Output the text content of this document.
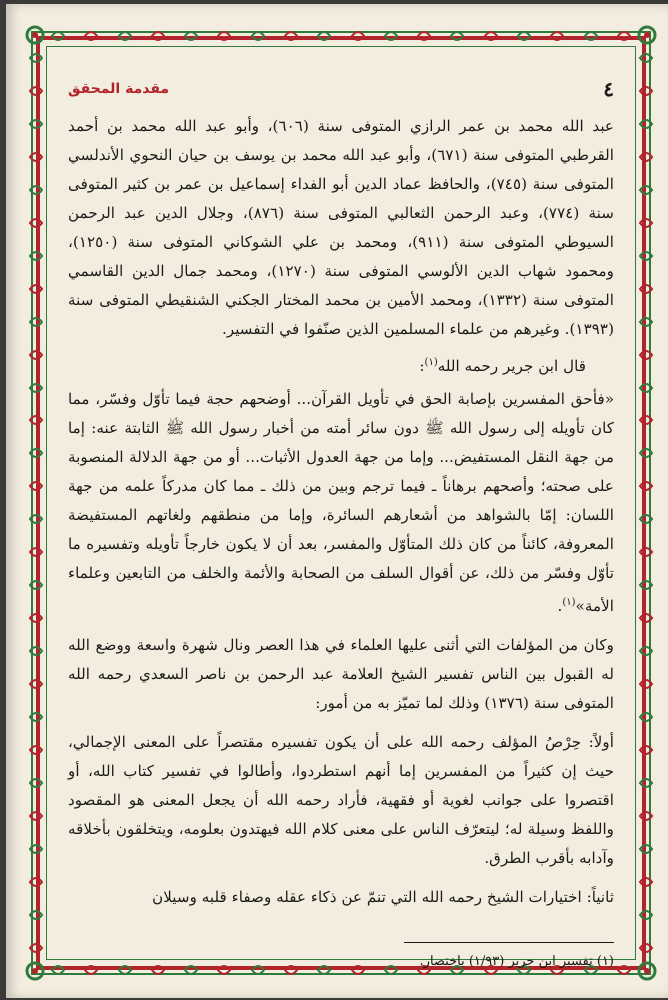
٤
مقدمة المحقق

عبد الله محمد بن عمر الرازي المتوفى سنة (٦٠٦)، وأبو عبد الله محمد بن أحمد القرطبي المتوفى سنة (٦٧١)، وأبو عبد الله محمد بن يوسف بن حيان النحوي الأندلسي المتوفى سنة (٧٤٥)، والحافظ عماد الدين أبو الفداء إسماعيل بن عمر بن كثير المتوفى سنة (٧٧٤)، وعبد الرحمن الثعالبي المتوفى سنة (٨٧٦)، وجلال الدين عبد الرحمن السيوطي المتوفى سنة (٩١١)، ومحمد بن علي الشوكاني المتوفى سنة (١٢٥٠)، ومحمود شهاب الدين الألوسي المتوفى سنة (١٢٧٠)، ومحمد جمال الدين القاسمي المتوفى سنة (١٣٣٢)، ومحمد الأمين بن محمد المختار الجكني الشنقيطي المتوفى سنة (١٣٩٣). وغيرهم من علماء المسلمين الذين صنّفوا في التفسير.

قال ابن جرير رحمه الله$^{(١)}$:

«فأحق المفسرين بإصابة الحق في تأويل القرآن... أوضحهم حجة فيما تأوّل وفسّر، مما كان تأويله إلى رسول الله ﷺ دون سائر أمته من أخبار رسول الله ﷺ الثابتة عنه: إما من جهة النقل المستفيض... وإما من جهة العدول الأثبات... أو من جهة الدلالة المنصوبة على صحته؛ وأصحهم برهاناً ـ فيما ترجم وبين من ذلك ـ مما كان مدركاً علمه من جهة اللسان: إمّا بالشواهد من أشعارهم السائرة، وإما من منطقهم ولغاتهم المستفيضة المعروفة، كائناً من كان ذلك المتأوّل والمفسر، بعد أن لا يكون خارجاً تأويله وتفسيره ما تأوّل وفسّر من ذلك، عن أقوال السلف من الصحابة والأئمة والخلف من التابعين وعلماء الأمة»$^{(١)}$.

وكان من المؤلفات التي أثنى عليها العلماء في هذا العصر ونال شهرة واسعة ووضع الله له القبول بين الناس تفسير الشيخ العلامة عبد الرحمن بن ناصر السعدي رحمه الله المتوفى سنة (١٣٧٦) وذلك لما تميّز به من أمور:

أولاً: حِرْصُ المؤلف رحمه الله على أن يكون تفسيره مقتصراً على المعنى الإجمالي، حيث إن كثيراً من المفسرين إما أنهم استطردوا، وأطالوا في تفسير كتاب الله، أو اقتصروا على جوانب لغوية أو فقهية، فأراد رحمه الله أن يجعل المعنى هو المقصود واللفظ وسيلة له؛ ليتعرّف الناس على معنى كلام الله فيهتدون بعلومه، ويتخلقون بأخلاقه وآدابه بأقرب الطرق.

ثانياً: اختيارات الشيخ رحمه الله التي تنمّ عن ذكاء عقله وصفاء قلبه وسيلان

(١) تفسير ابن جرير (١/٩٣) باختصار.
